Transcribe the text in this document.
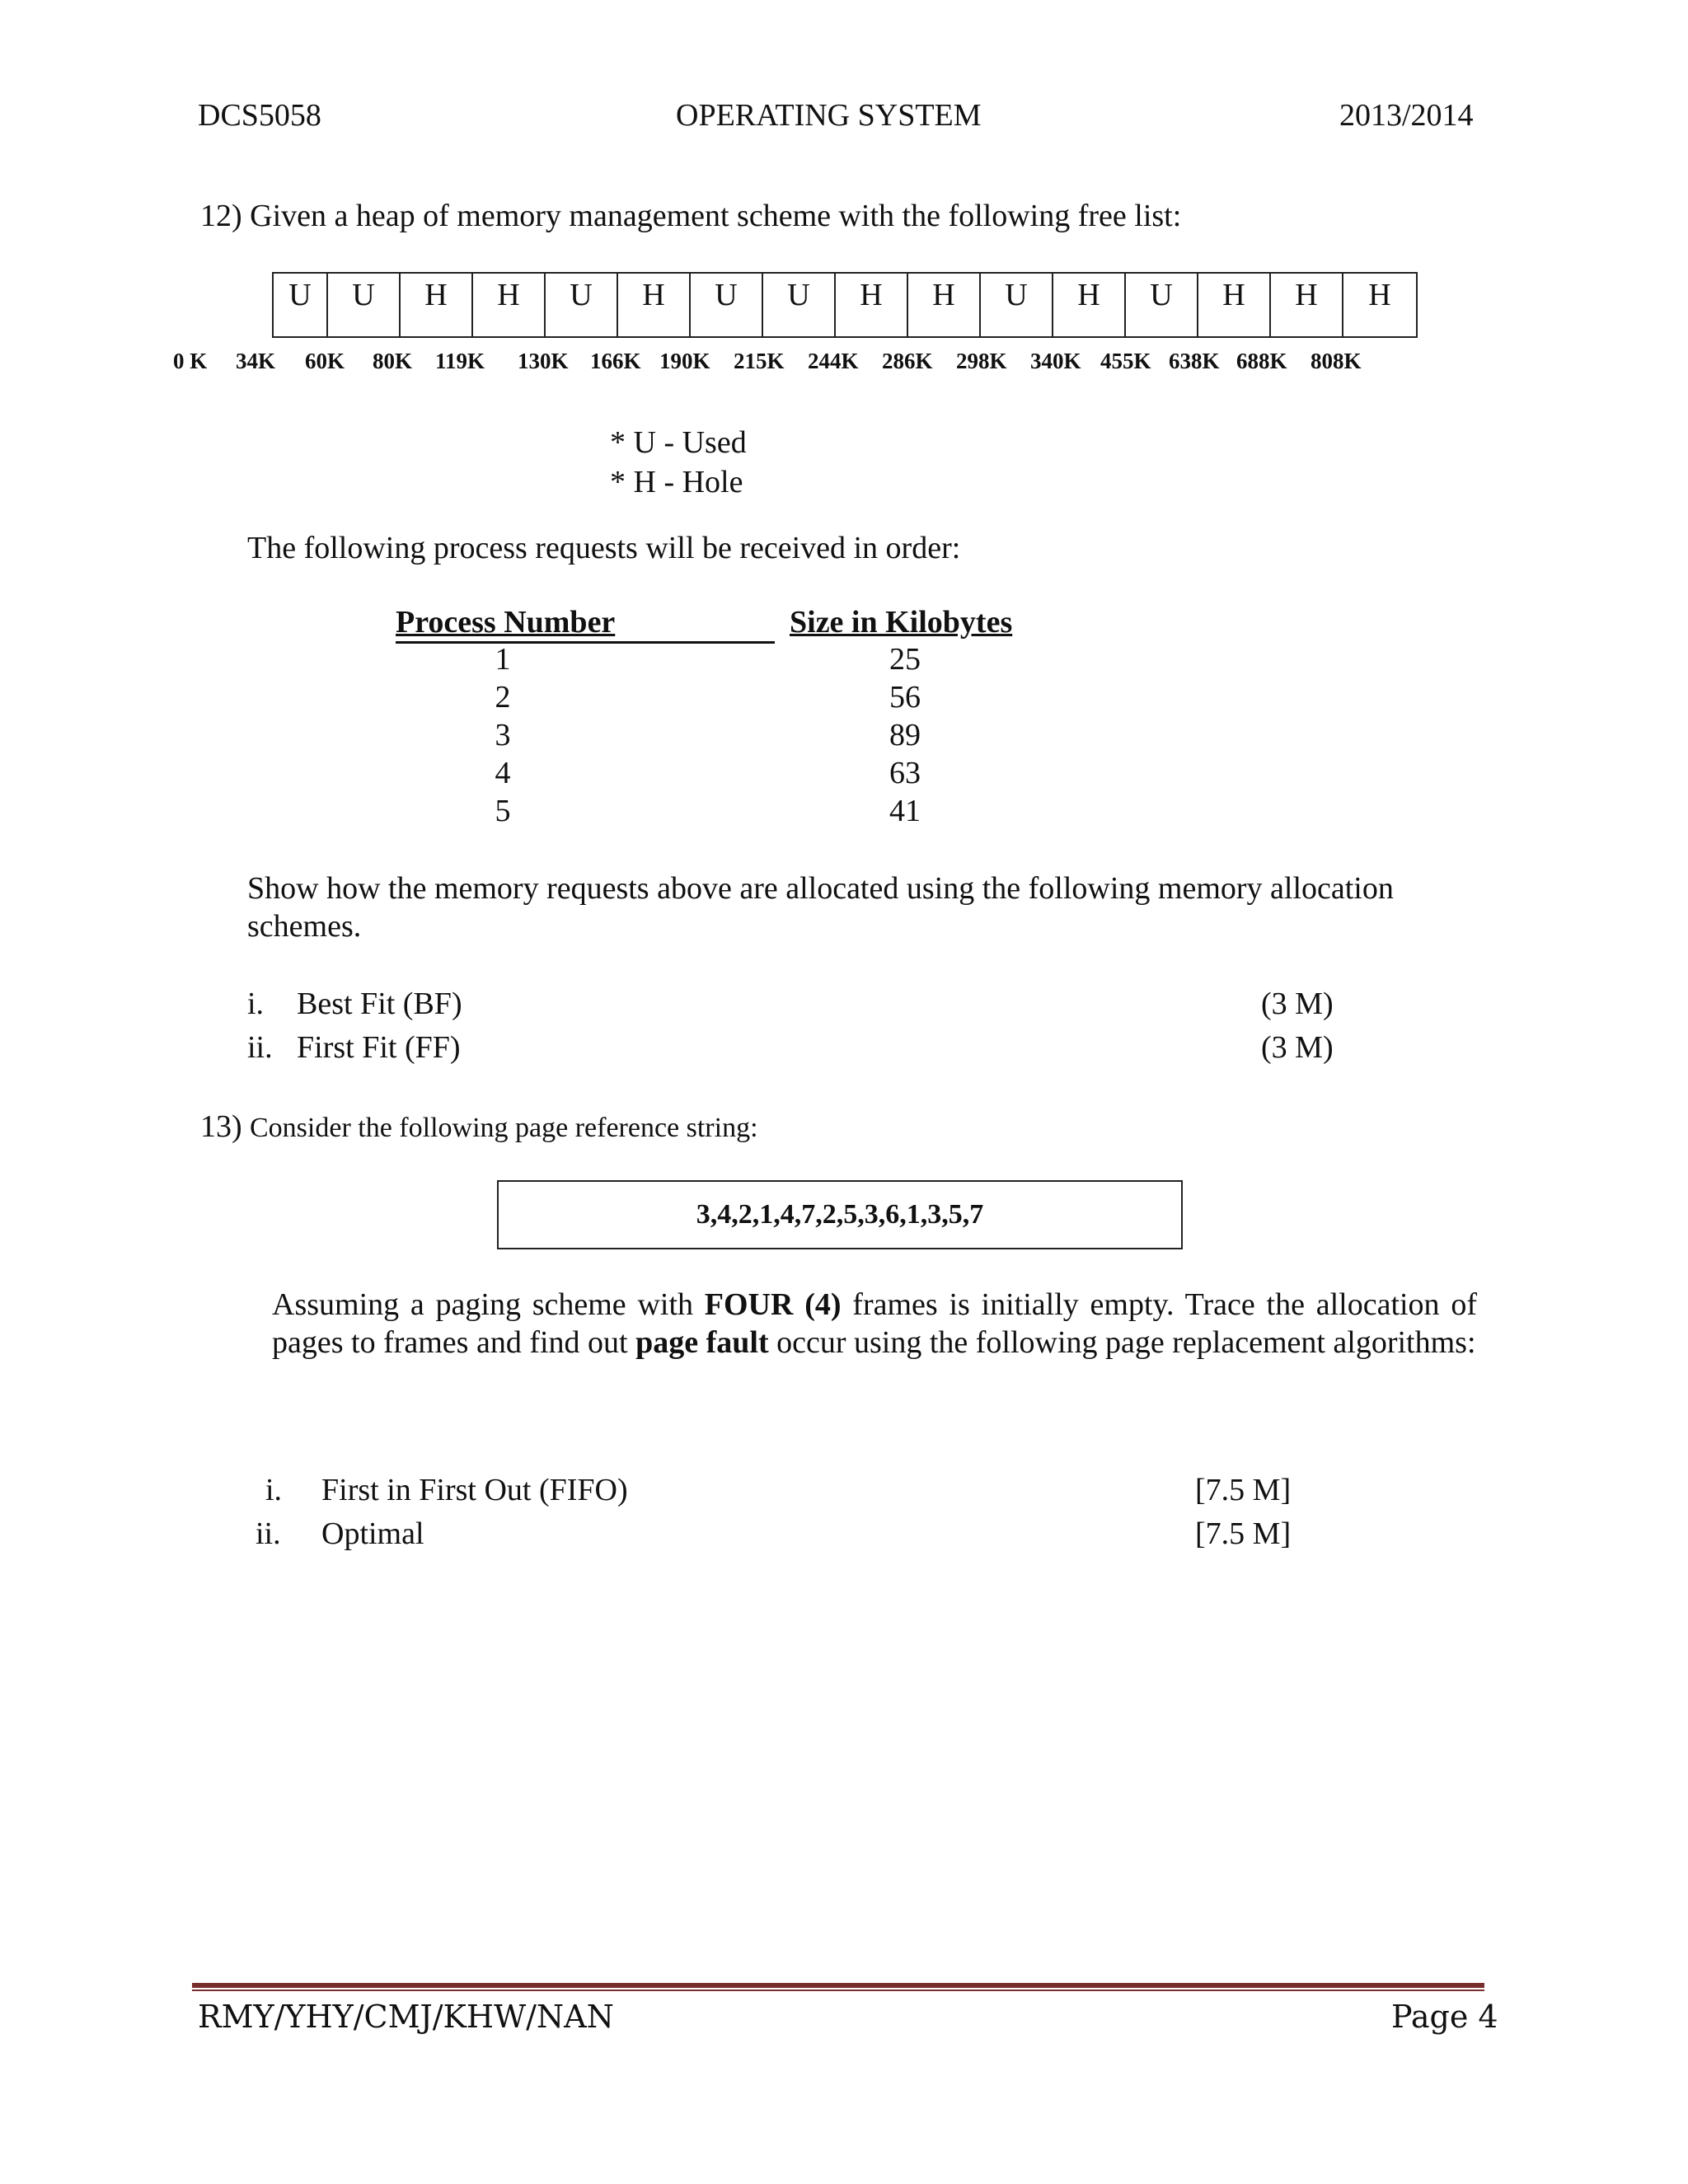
DCS5058	OPERATING SYSTEM	2013/2014
12) Given a heap of memory management scheme with the following free list:
U	U	H	H	U	H	U	U	H	H	U	H	U	H	H	H
0 K 34K 60K 80K 119K 130K 166K 190K 215K 244K 286K 298K 340K 455K 638K 688K 808K
* U - Used
* H - Hole
The following process requests will be received in order:
Process Number	Size in Kilobytes
1	25
2	56
3	89
4	63
5	41
Show how the memory requests above are allocated using the following memory allocation schemes.
i. Best Fit (BF)	(3 M)
ii. First Fit (FF)	(3 M)
13) Consider the following page reference string:
3,4,2,1,4,7,2,5,3,6,1,3,5,7
Assuming a paging scheme with FOUR (4) frames is initially empty. Trace the allocation of pages to frames and find out page fault occur using the following page replacement algorithms:
i. First in First Out (FIFO)	[7.5 M]
ii. Optimal	[7.5 M]
RMY/YHY/CMJ/KHW/NAN	Page 4
